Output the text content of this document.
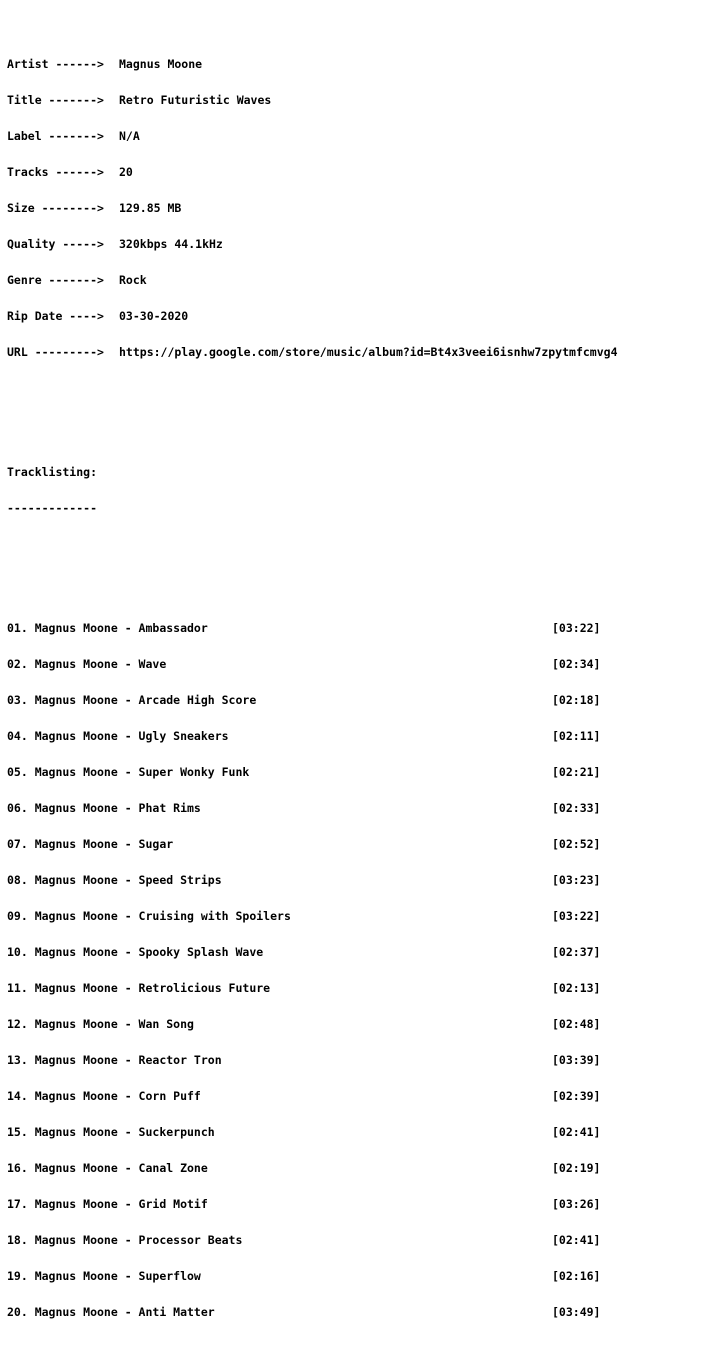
Artist ------> Magnus Moone

Title -------> Retro Futuristic Waves

Label -------> N/A

Tracks ------> 20

Size --------> 129.85 MB

Quality -----> 320kbps 44.1kHz

Genre -------> Rock

Rip Date ----> 03-30-2020

URL ---------> https://play.google.com/store/music/album?id=Bt4x3veei6isnhw7zpytmfcmvg4

Tracklisting:

-------------

01. Magnus Moone - Ambassador	[03:22]

02. Magnus Moone - Wave	[02:34]

03. Magnus Moone - Arcade High Score	[02:18]

04. Magnus Moone - Ugly Sneakers	[02:11]

05. Magnus Moone - Super Wonky Funk	[02:21]

06. Magnus Moone - Phat Rims	[02:33]

07. Magnus Moone - Sugar	[02:52]

08. Magnus Moone - Speed Strips	[03:23]

09. Magnus Moone - Cruising with Spoilers	[03:22]

10. Magnus Moone - Spooky Splash Wave	[02:37]

11. Magnus Moone - Retrolicious Future	[02:13]

12. Magnus Moone - Wan Song	[02:48]

13. Magnus Moone - Reactor Tron	[03:39]

14. Magnus Moone - Corn Puff	[02:39]

15. Magnus Moone - Suckerpunch	[02:41]

16. Magnus Moone - Canal Zone	[02:19]

17. Magnus Moone - Grid Motif	[03:26]

18. Magnus Moone - Processor Beats	[02:41]

19. Magnus Moone - Superflow	[02:16]

20. Magnus Moone - Anti Matter	[03:49]
